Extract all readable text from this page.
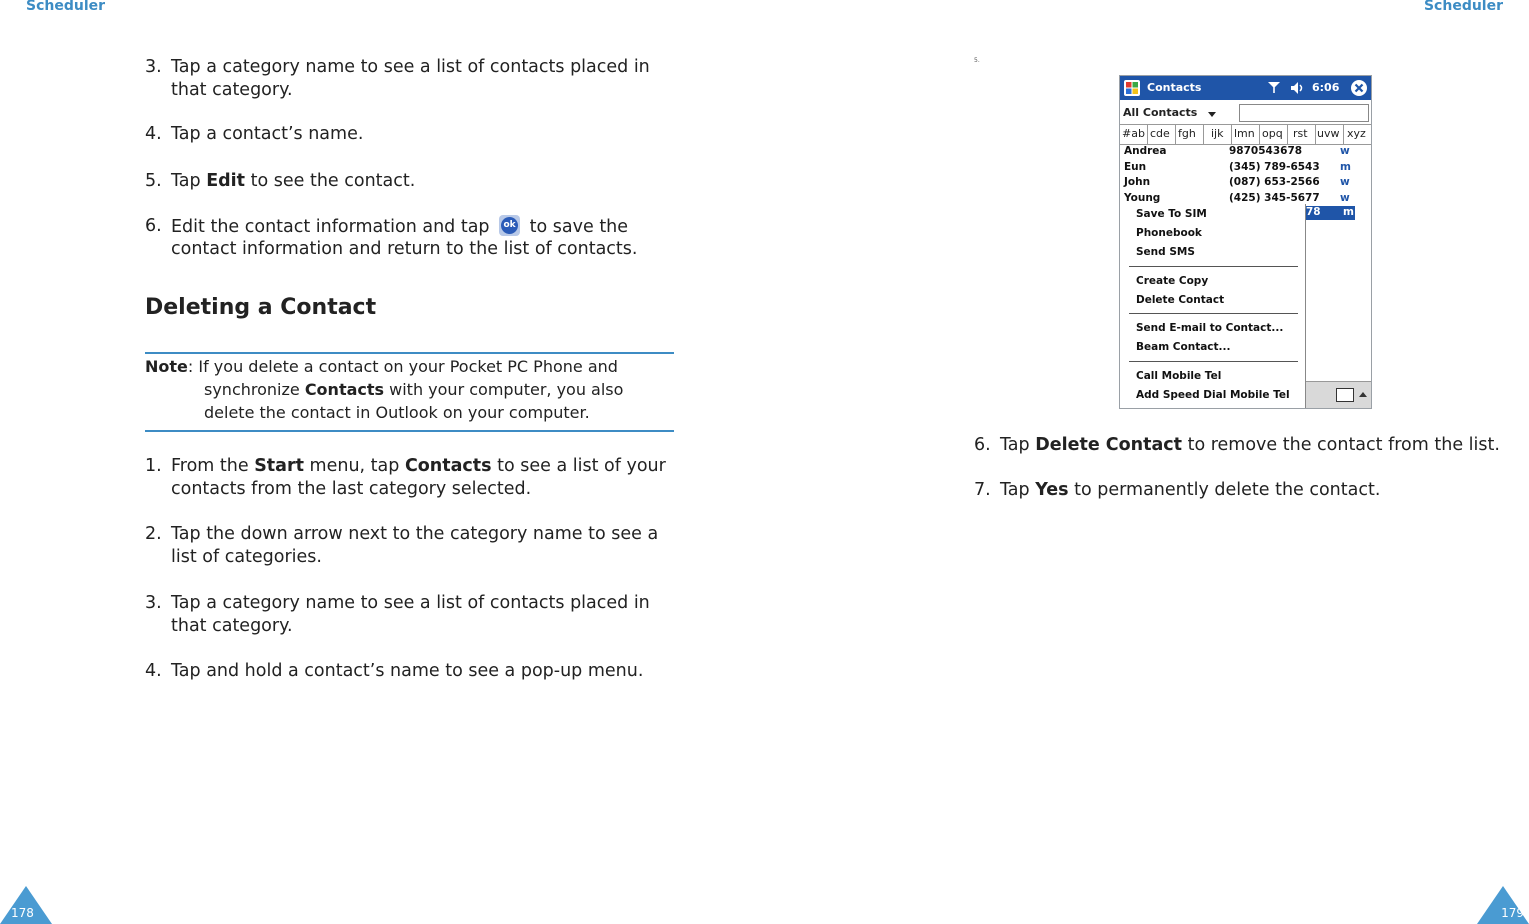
Scheduler	Scheduler
3. Tap a category name to see a list of contacts placed in
that category.
4. Tap a contact’s name.
5. Tap Edit to see the contact.
6. Edit the contact information and tap ok to save the
contact information and return to the list of contacts.
Deleting a Contact
Note: If you delete a contact on your Pocket PC Phone and
synchronize Contacts with your computer, you also
delete the contact in Outlook on your computer.
1. From the Start menu, tap Contacts to see a list of your
contacts from the last category selected.
2. Tap the down arrow next to the category name to see a
list of categories.
3. Tap a category name to see a list of contacts placed in
that category.
4. Tap and hold a contact’s name to see a pop-up menu.
178
5.
Contacts	6:06
All Contacts
#ab cde fgh ijk lmn opq rst uvw xyz
Andrea	9870543678	w
Eun	(345) 789-6543 m
John	(087) 653-2566 w
Young	(425) 345-5677 w
78 m
Save To SIM
Phonebook
Send SMS
Create Copy
Delete Contact
Send E-mail to Contact...
Beam Contact...
Call Mobile Tel
Add Speed Dial Mobile Tel
6. Tap Delete Contact to remove the contact from the list.
7. Tap Yes to permanently delete the contact.
179
